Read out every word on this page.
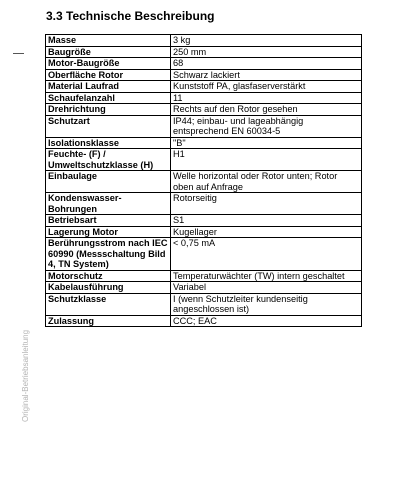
3.3 Technische Beschreibung
Original-Betriebsanleitung
Masse	3 kg
Baugröße	250 mm
Motor-Baugröße	68
Oberfläche Rotor	Schwarz lackiert
Material Laufrad	Kunststoff PA, glasfaserverstärkt
Schaufelanzahl	11
Drehrichtung	Rechts auf den Rotor gesehen
Schutzart	IP44; einbau- und lageabhängig entsprechend EN 60034-5
Isolationsklasse	"B"
Feuchte- (F) / Umweltschutzklasse (H)	H1
Einbaulage	Welle horizontal oder Rotor unten; Rotor oben auf Anfrage
Kondenswasser-Bohrungen	Rotorseitig
Betriebsart	S1
Lagerung Motor	Kugellager
Berührungsstrom nach IEC 60990 (Messschaltung Bild 4, TN System)	< 0,75 mA
Motorschutz	Temperaturwächter (TW) intern geschaltet
Kabelausführung	Variabel
Schutzklasse	I (wenn Schutzleiter kundenseitig angeschlossen ist)
Zulassung	CCC; EAC
